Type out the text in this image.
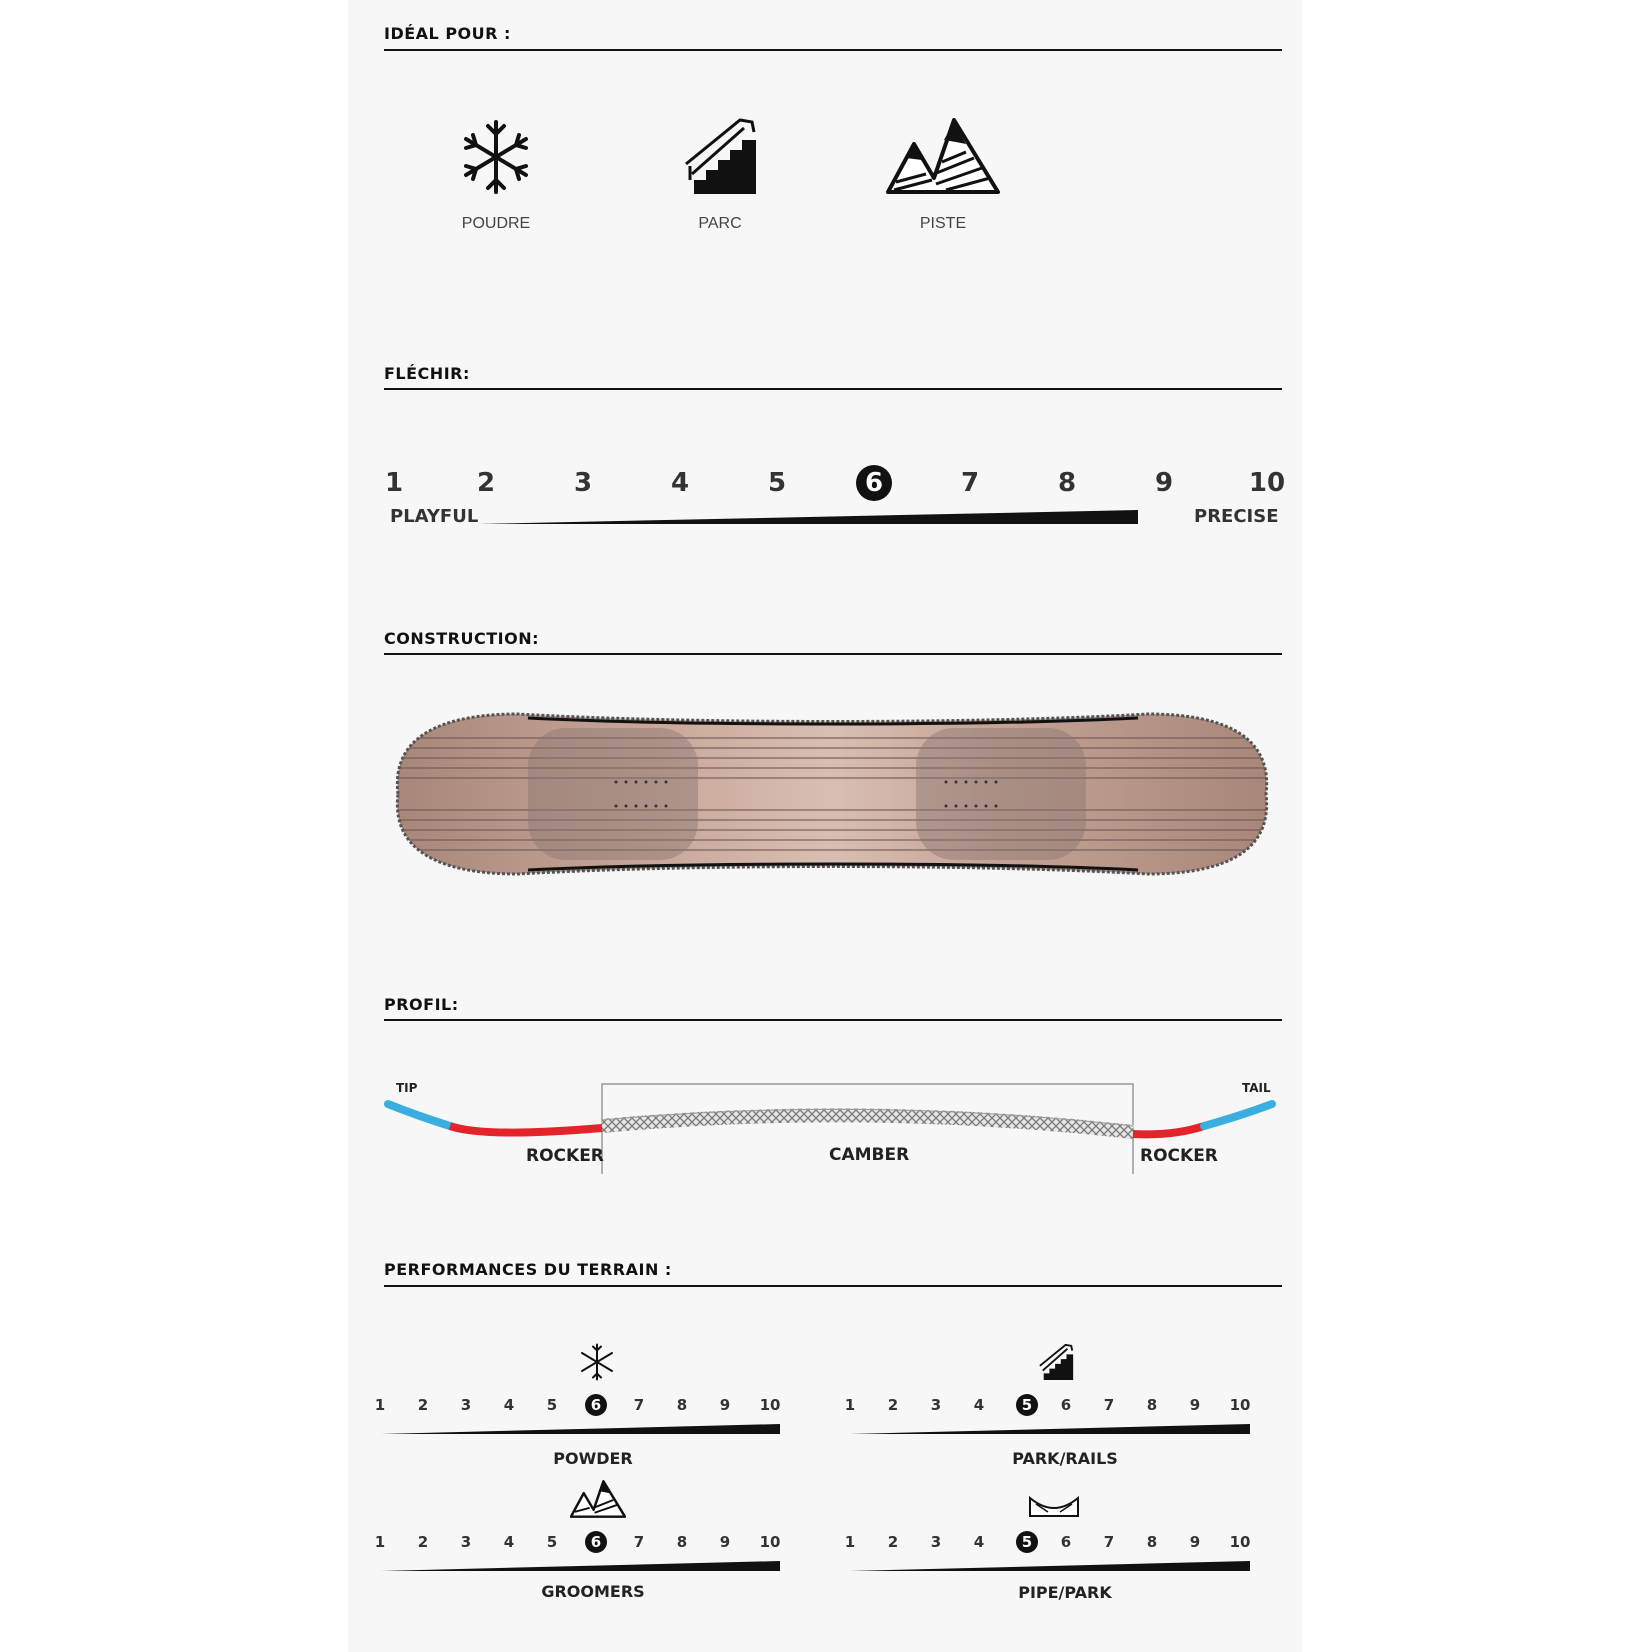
IDÉAL POUR :
POUDRE	PARC	PISTE
FLÉCHIR:
1	2	3	4	5	6	7	8	9	10
PLAYFUL	PRECISE
CONSTRUCTION:
PROFIL:
TIP	TAIL
ROCKER	CAMBER	ROCKER
PERFORMANCES DU TERRAIN :
1	2	3	4	5	6	7	8	9	10
POWDER
1	2	3	4	5	6	7	8	9	10
PARK/RAILS
1	2	3	4	5	6	7	8	9	10
GROOMERS
1	2	3	4	5	6	7	8	9	10
PIPE/PARK
